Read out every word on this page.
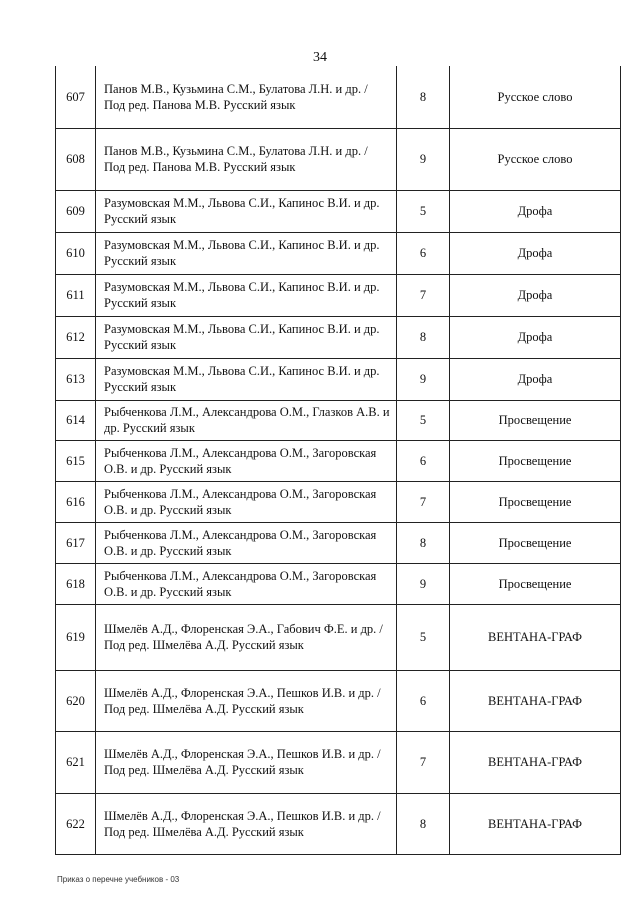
34
607	Панов М.В., Кузьмина С.М., Булатова Л.Н. и др. / Под ред. Панова М.В. Русский язык	8	Русское слово
608	Панов М.В., Кузьмина С.М., Булатова Л.Н. и др. / Под ред. Панова М.В. Русский язык	9	Русское слово
609	Разумовская М.М., Львова С.И., Капинос В.И. и др. Русский язык	5	Дрофа
610	Разумовская М.М., Львова С.И., Капинос В.И. и др. Русский язык	6	Дрофа
611	Разумовская М.М., Львова С.И., Капинос В.И. и др. Русский язык	7	Дрофа
612	Разумовская М.М., Львова С.И., Капинос В.И. и др. Русский язык	8	Дрофа
613	Разумовская М.М., Львова С.И., Капинос В.И. и др. Русский язык	9	Дрофа
614	Рыбченкова Л.М., Александрова О.М., Глазков А.В. и др. Русский язык	5	Просвещение
615	Рыбченкова Л.М., Александрова О.М., Загоровская О.В. и др. Русский язык	6	Просвещение
616	Рыбченкова Л.М., Александрова О.М., Загоровская О.В. и др. Русский язык	7	Просвещение
617	Рыбченкова Л.М., Александрова О.М., Загоровская О.В. и др. Русский язык	8	Просвещение
618	Рыбченкова Л.М., Александрова О.М., Загоровская О.В. и др. Русский язык	9	Просвещение
619	Шмелёв А.Д., Флоренская Э.А., Габович Ф.Е. и др. / Под ред. Шмелёва А.Д. Русский язык	5	ВЕНТАНА-ГРАФ
620	Шмелёв А.Д., Флоренская Э.А., Пешков И.В. и др. / Под ред. Шмелёва А.Д. Русский язык	6	ВЕНТАНА-ГРАФ
621	Шмелёв А.Д., Флоренская Э.А., Пешков И.В. и др. / Под ред. Шмелёва А.Д. Русский язык	7	ВЕНТАНА-ГРАФ
622	Шмелёв А.Д., Флоренская Э.А., Пешков И.В. и др. / Под ред. Шмелёва А.Д. Русский язык	8	ВЕНТАНА-ГРАФ
Приказ о перечне учебников - 03
